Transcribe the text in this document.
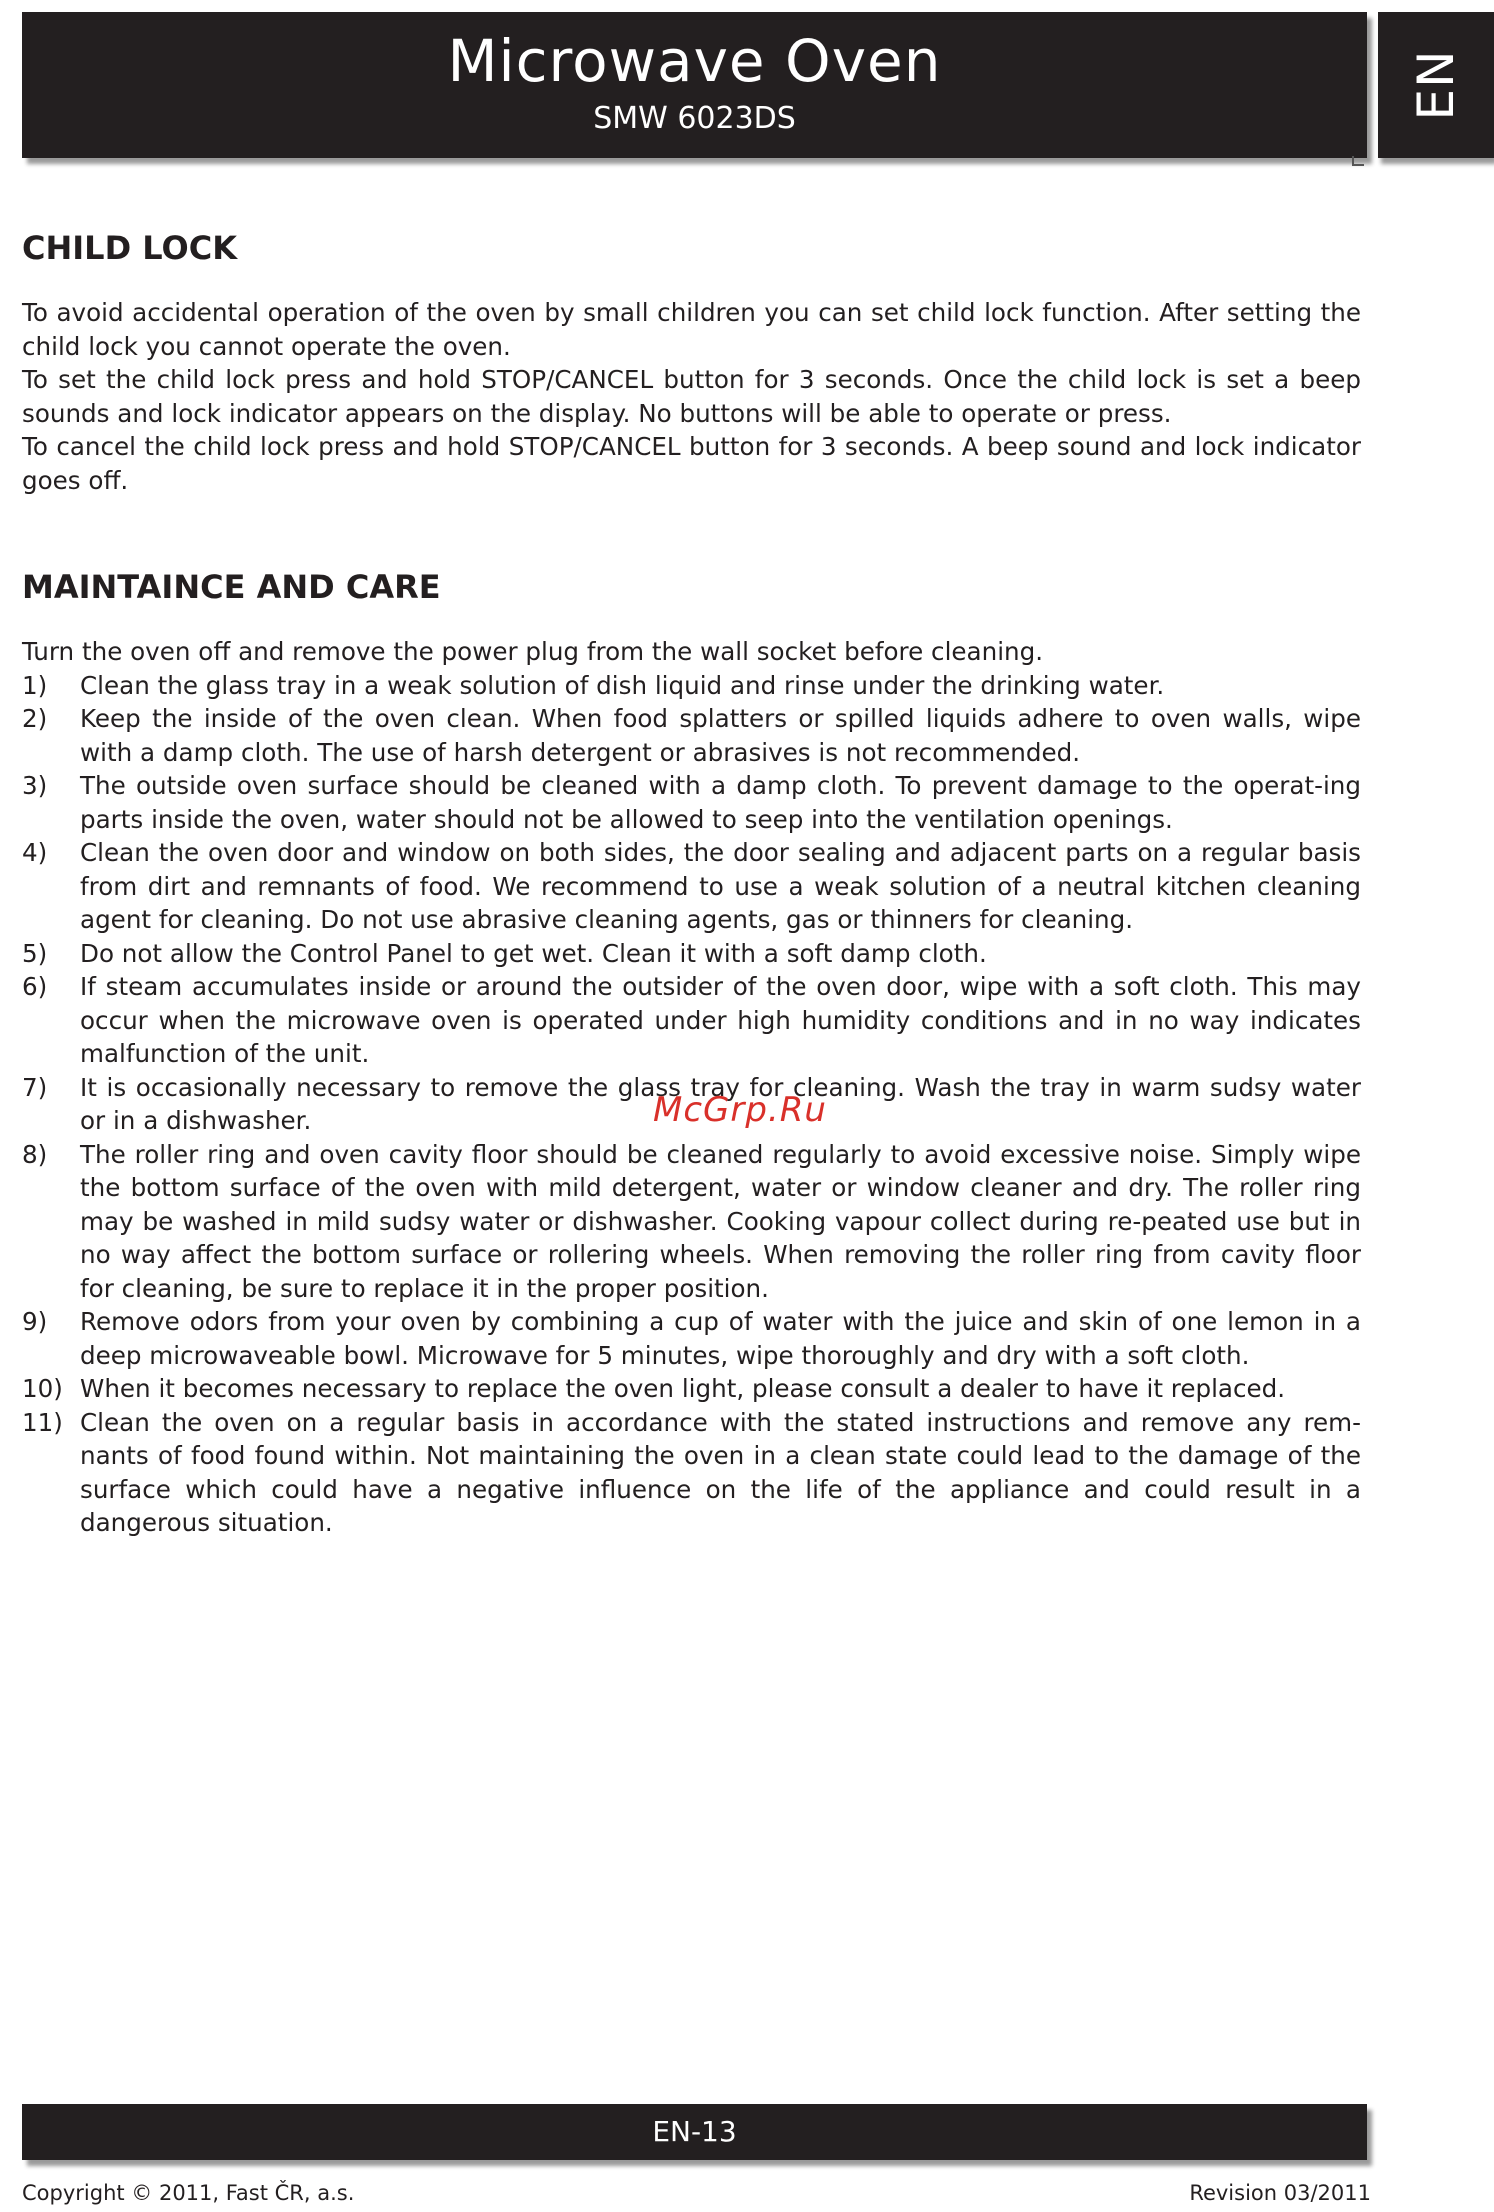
Microwave Oven
SMW 6023DS	EN
CHILD LOCK

To avoid accidental operation of the oven by small children you can set child lock function. After setting the child lock you cannot operate the oven.

To set the child lock press and hold STOP/CANCEL button for 3 seconds. Once the child lock is set a beep sounds and lock indicator appears on the display. No buttons will be able to operate or press.

To cancel the child lock press and hold STOP/CANCEL button for 3 seconds. A beep sound and lock indicator goes off.

MAINTAINCE AND CARE

Turn the oven off and remove the power plug from the wall socket before cleaning.

1) Clean the glass tray in a weak solution of dish liquid and rinse under the drinking water.
2) Keep the inside of the oven clean. When food splatters or spilled liquids adhere to oven walls, wipe with a damp cloth. The use of harsh detergent or abrasives is not recommended.
3) The outside oven surface should be cleaned with a damp cloth. To prevent damage to the operat-ing parts inside the oven, water should not be allowed to seep into the ventilation openings.
4) Clean the oven door and window on both sides, the door sealing and adjacent parts on a regular basis from dirt and remnants of food. We recommend to use a weak solution of a neutral kitchen cleaning agent for cleaning. Do not use abrasive cleaning agents, gas or thinners for cleaning.
5) Do not allow the Control Panel to get wet. Clean it with a soft damp cloth.
6) If steam accumulates inside or around the outsider of the oven door, wipe with a soft cloth. This may occur when the microwave oven is operated under high humidity conditions and in no way indicates malfunction of the unit.
7) It is occasionally necessary to remove the glass tray for cleaning. Wash the tray in warm sudsy water or in a dishwasher.
8) The roller ring and oven cavity floor should be cleaned regularly to avoid excessive noise. Simply wipe the bottom surface of the oven with mild detergent, water or window cleaner and dry. The roller ring may be washed in mild sudsy water or dishwasher. Cooking vapour collect during re-peated use but in no way affect the bottom surface or rollering wheels. When removing the roller ring from cavity floor for cleaning, be sure to replace it in the proper position.
9) Remove odors from your oven by combining a cup of water with the juice and skin of one lemon in a deep microwaveable bowl. Microwave for 5 minutes, wipe thoroughly and dry with a soft cloth.
10) When it becomes necessary to replace the oven light, please consult a dealer to have it replaced.
11) Clean the oven on a regular basis in accordance with the stated instructions and remove any rem-nants of food found within. Not maintaining the oven in a clean state could lead to the damage of the surface which could have a negative influence on the life of the appliance and could result in a dangerous situation.
McGrp.Ru
EN-13
Copyright © 2011, Fast ČR, a.s.	Revision 03/2011
